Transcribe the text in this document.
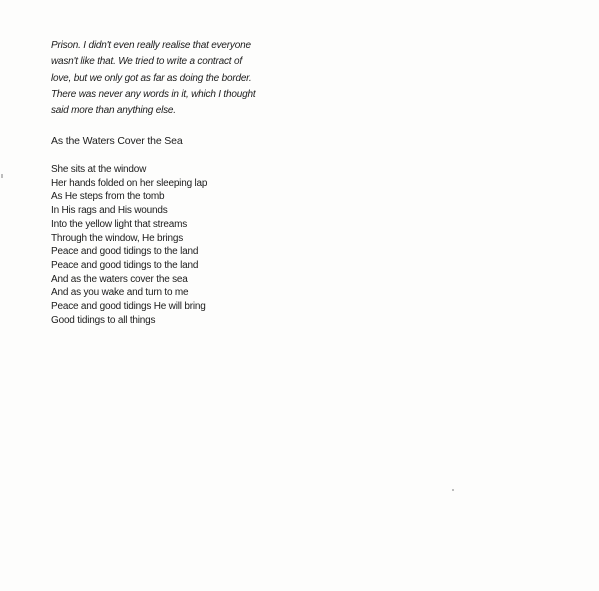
Prison. I didn't even really realise that everyone
wasn't like that. We tried to write a contract of
love, but we only got as far as doing the border.
There was never any words in it, which I thought
said more than anything else.
As the Waters Cover the Sea
She sits at the window
Her hands folded on her sleeping lap
As He steps from the tomb
In His rags and His wounds
Into the yellow light that streams
Through the window, He brings
Peace and good tidings to the land
Peace and good tidings to the land
And as the waters cover the sea
And as you wake and turn to me
Peace and good tidings He will bring
Good tidings to all things
